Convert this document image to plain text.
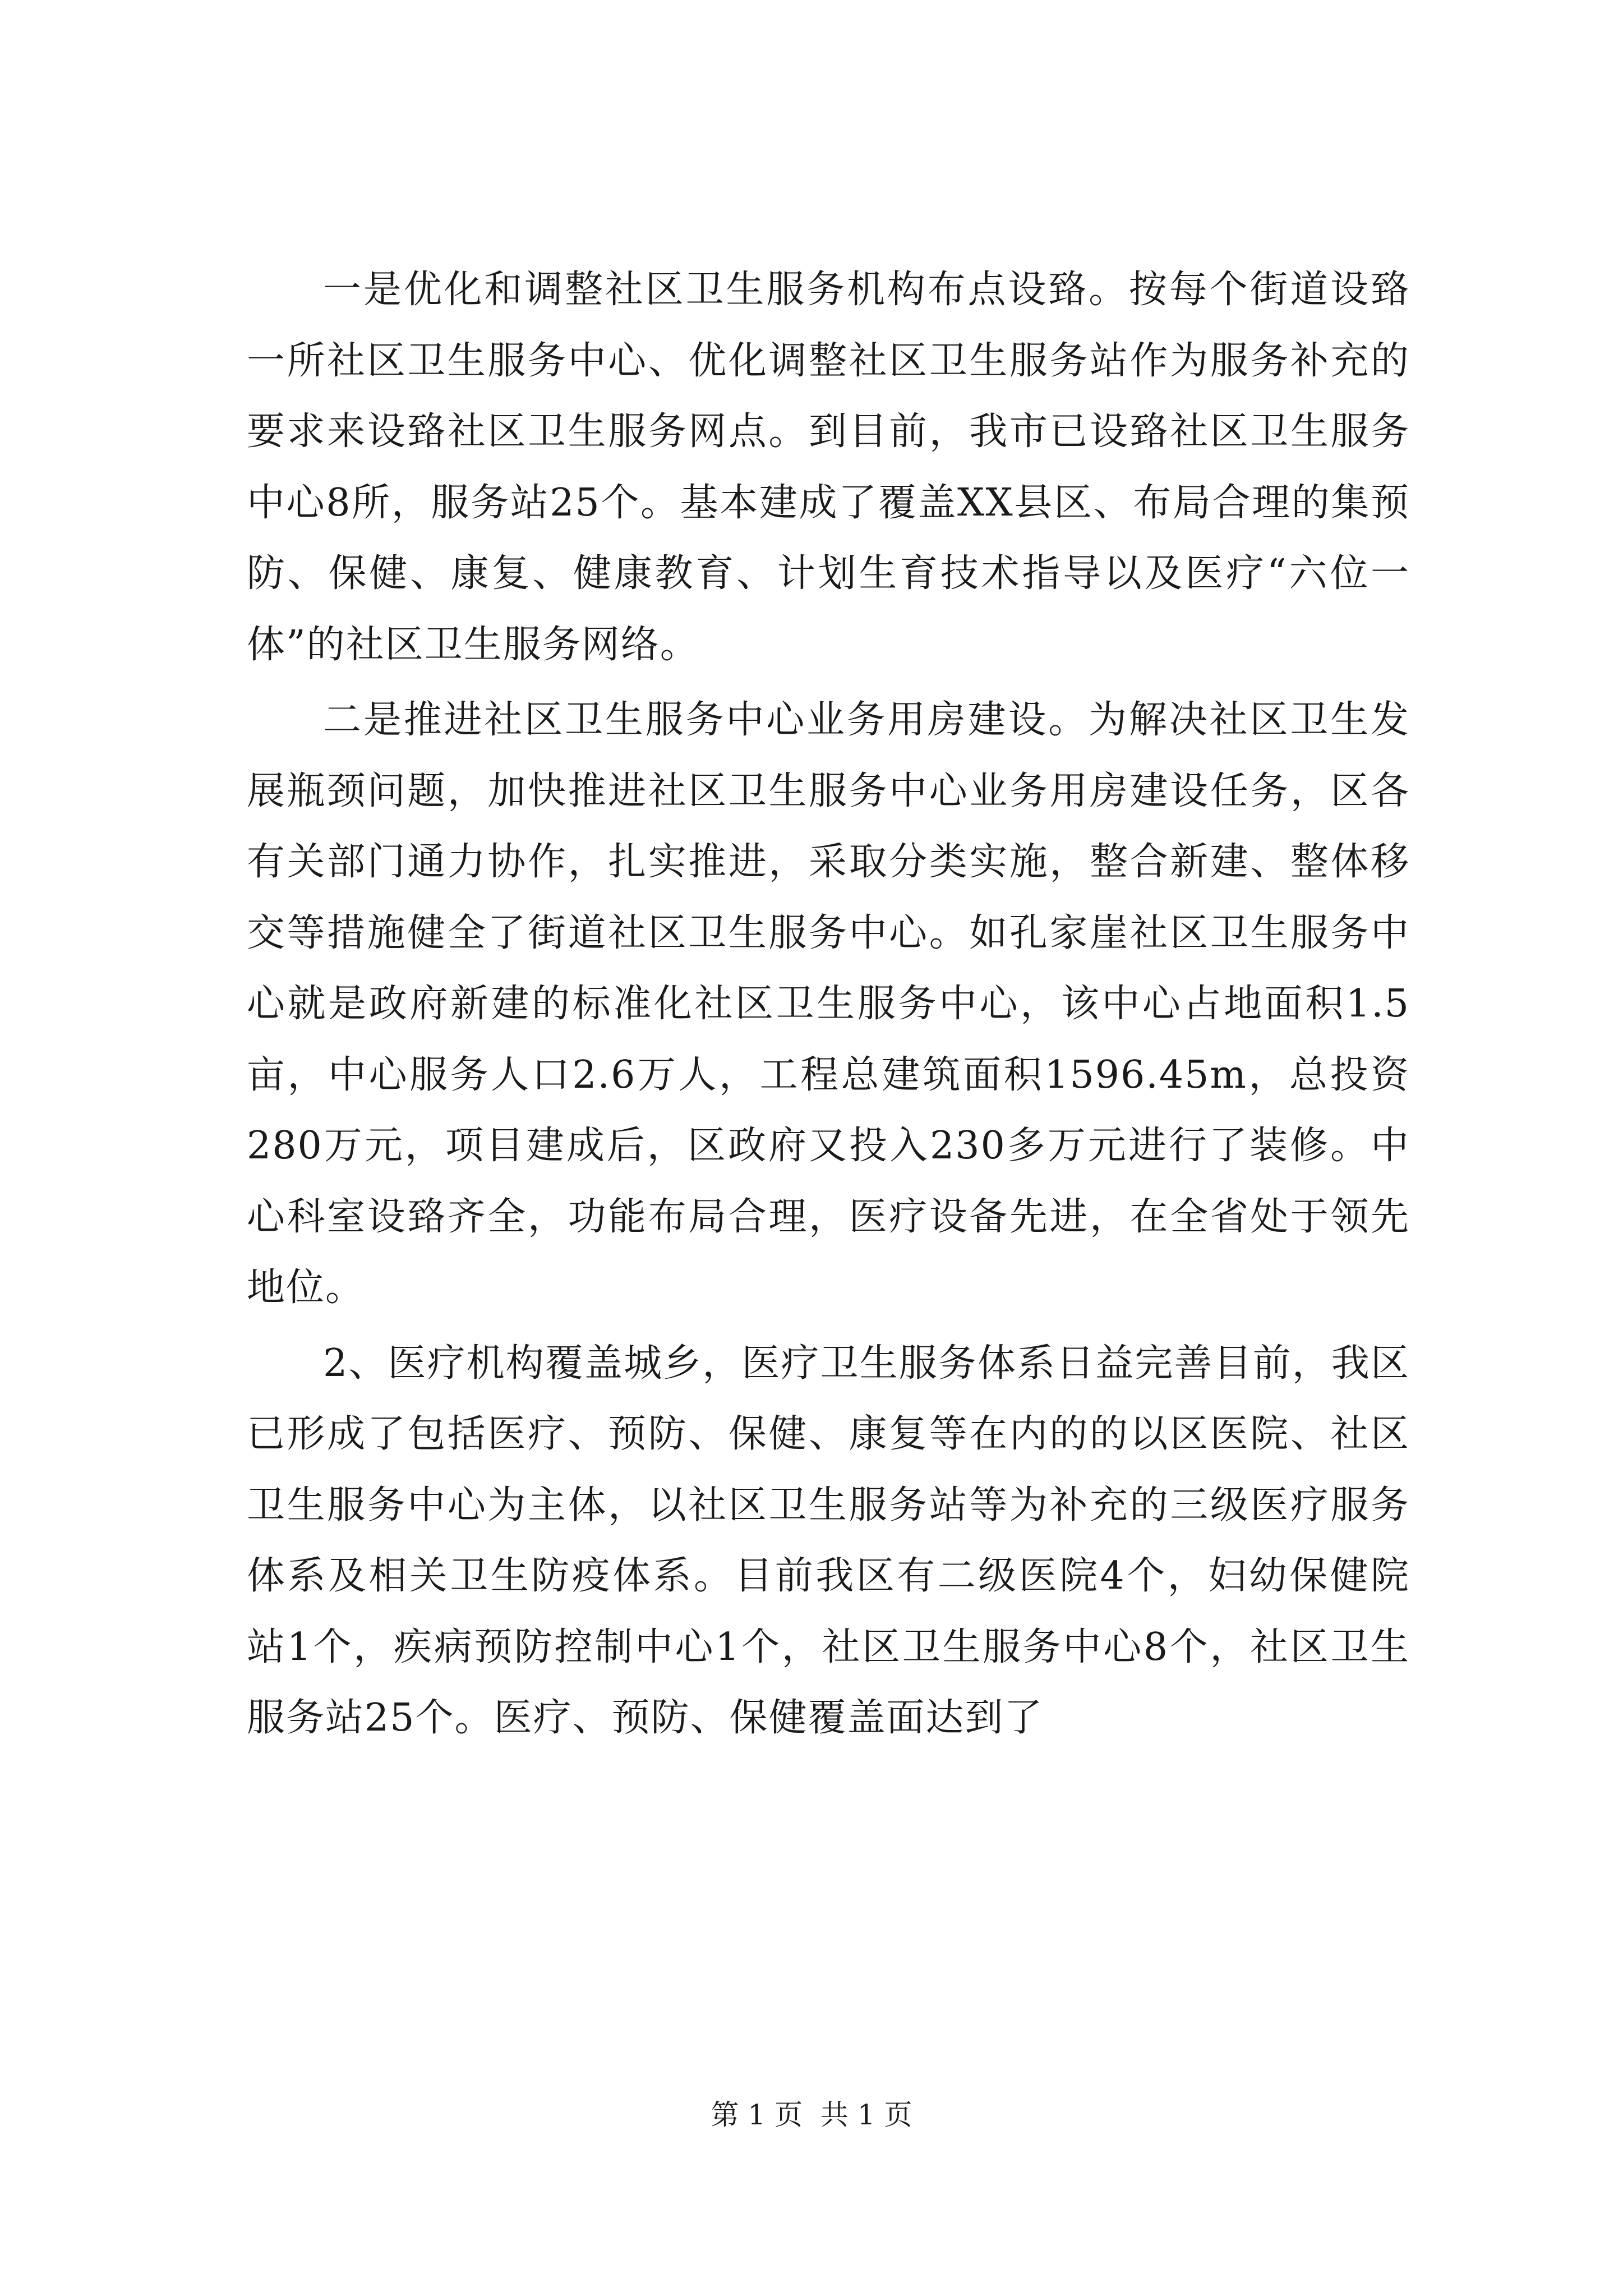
一是优化和调整社区卫生服务机构布点设臵。按每个街道设臵一所社区卫生服务中心、优化调整社区卫生服务站作为服务补充的要求来设臵社区卫生服务网点。到目前，我市已设臵社区卫生服务中心8所，服务站25个。基本建成了覆盖XX县区、布局合理的集预防、保健、康复、健康教育、计划生育技术指导以及医疗“六位一体”的社区卫生服务网络。

二是推进社区卫生服务中心业务用房建设。为解决社区卫生发展瓶颈问题，加快推进社区卫生服务中心业务用房建设任务，区各有关部门通力协作，扎实推进，采取分类实施，整合新建、整体移交等措施健全了街道社区卫生服务中心。如孔家崖社区卫生服务中心就是政府新建的标准化社区卫生服务中心，该中心占地面积1.5亩，中心服务人口2.6万人，工程总建筑面积1596.45m，总投资280万元，项目建成后，区政府又投入230多万元进行了装修。中心科室设臵齐全，功能布局合理，医疗设备先进，在全省处于领先地位。

2、医疗机构覆盖城乡，医疗卫生服务体系日益完善目前，我区已形成了包括医疗、预防、保健、康复等在内的的以区医院、社区卫生服务中心为主体，以社区卫生服务站等为补充的三级医疗服务体系及相关卫生防疫体系。目前我区有二级医院4个，妇幼保健院站1个，疾病预防控制中心1个，社区卫生服务中心8个，社区卫生服务站25个。医疗、预防、保健覆盖面达到了

第 1 页  共 1 页
